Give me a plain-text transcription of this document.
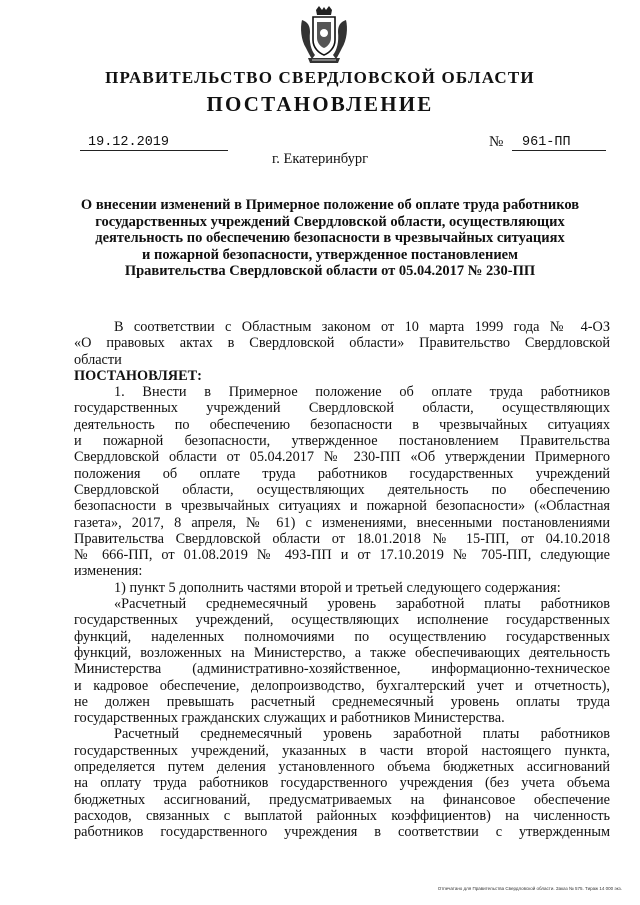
ПРАВИТЕЛЬСТВО СВЕРДЛОВСКОЙ ОБЛАСТИ
ПОСТАНОВЛЕНИЕ
19.12.2019	№	961-ПП
г. Екатеринбург
О внесении изменений в Примерное положение об оплате труда работников
государственных учреждений Свердловской области, осуществляющих
деятельность по обеспечению безопасности в чрезвычайных ситуациях
и пожарной безопасности, утвержденное постановлением
Правительства Свердловской области от 05.04.2017 № 230-ПП
В соответствии с Областным законом от 10 марта 1999 года № 4-ОЗ
«О правовых актах в Свердловской области» Правительство Свердловской
области
ПОСТАНОВЛЯЕТ:
1. Внести в Примерное положение об оплате труда работников
государственных учреждений Свердловской области, осуществляющих
деятельность по обеспечению безопасности в чрезвычайных ситуациях
и пожарной безопасности, утвержденное постановлением Правительства
Свердловской области от 05.04.2017 № 230-ПП «Об утверждении Примерного
положения об оплате труда работников государственных учреждений
Свердловской области, осуществляющих деятельность по обеспечению
безопасности в чрезвычайных ситуациях и пожарной безопасности» («Областная
газета», 2017, 8 апреля, № 61) с изменениями, внесенными постановлениями
Правительства Свердловской области от 18.01.2018 № 15-ПП, от 04.10.2018
№ 666-ПП, от 01.08.2019 № 493-ПП и от 17.10.2019 № 705-ПП, следующие
изменения:
1) пункт 5 дополнить частями второй и третьей следующего содержания:
«Расчетный среднемесячный уровень заработной платы работников
государственных учреждений, осуществляющих исполнение государственных
функций, наделенных полномочиями по осуществлению государственных
функций, возложенных на Министерство, а также обеспечивающих деятельность
Министерства (административно-хозяйственное, информационно-техническое
и кадровое обеспечение, делопроизводство, бухгалтерский учет и отчетность),
не должен превышать расчетный среднемесячный уровень оплаты труда
государственных гражданских служащих и работников Министерства.
Расчетный среднемесячный уровень заработной платы работников
государственных учреждений, указанных в части второй настоящего пункта,
определяется путем деления установленного объема бюджетных ассигнований
на оплату труда работников государственного учреждения (без учета объема
бюджетных ассигнований, предусматриваемых на финансовое обеспечение
расходов, связанных с выплатой районных коэффициентов) на численность
работников государственного учреждения в соответствии с утвержденным
Отпечатано для Правительства Свердловской области. Заказ № 575. Тираж 14 000 экз.
